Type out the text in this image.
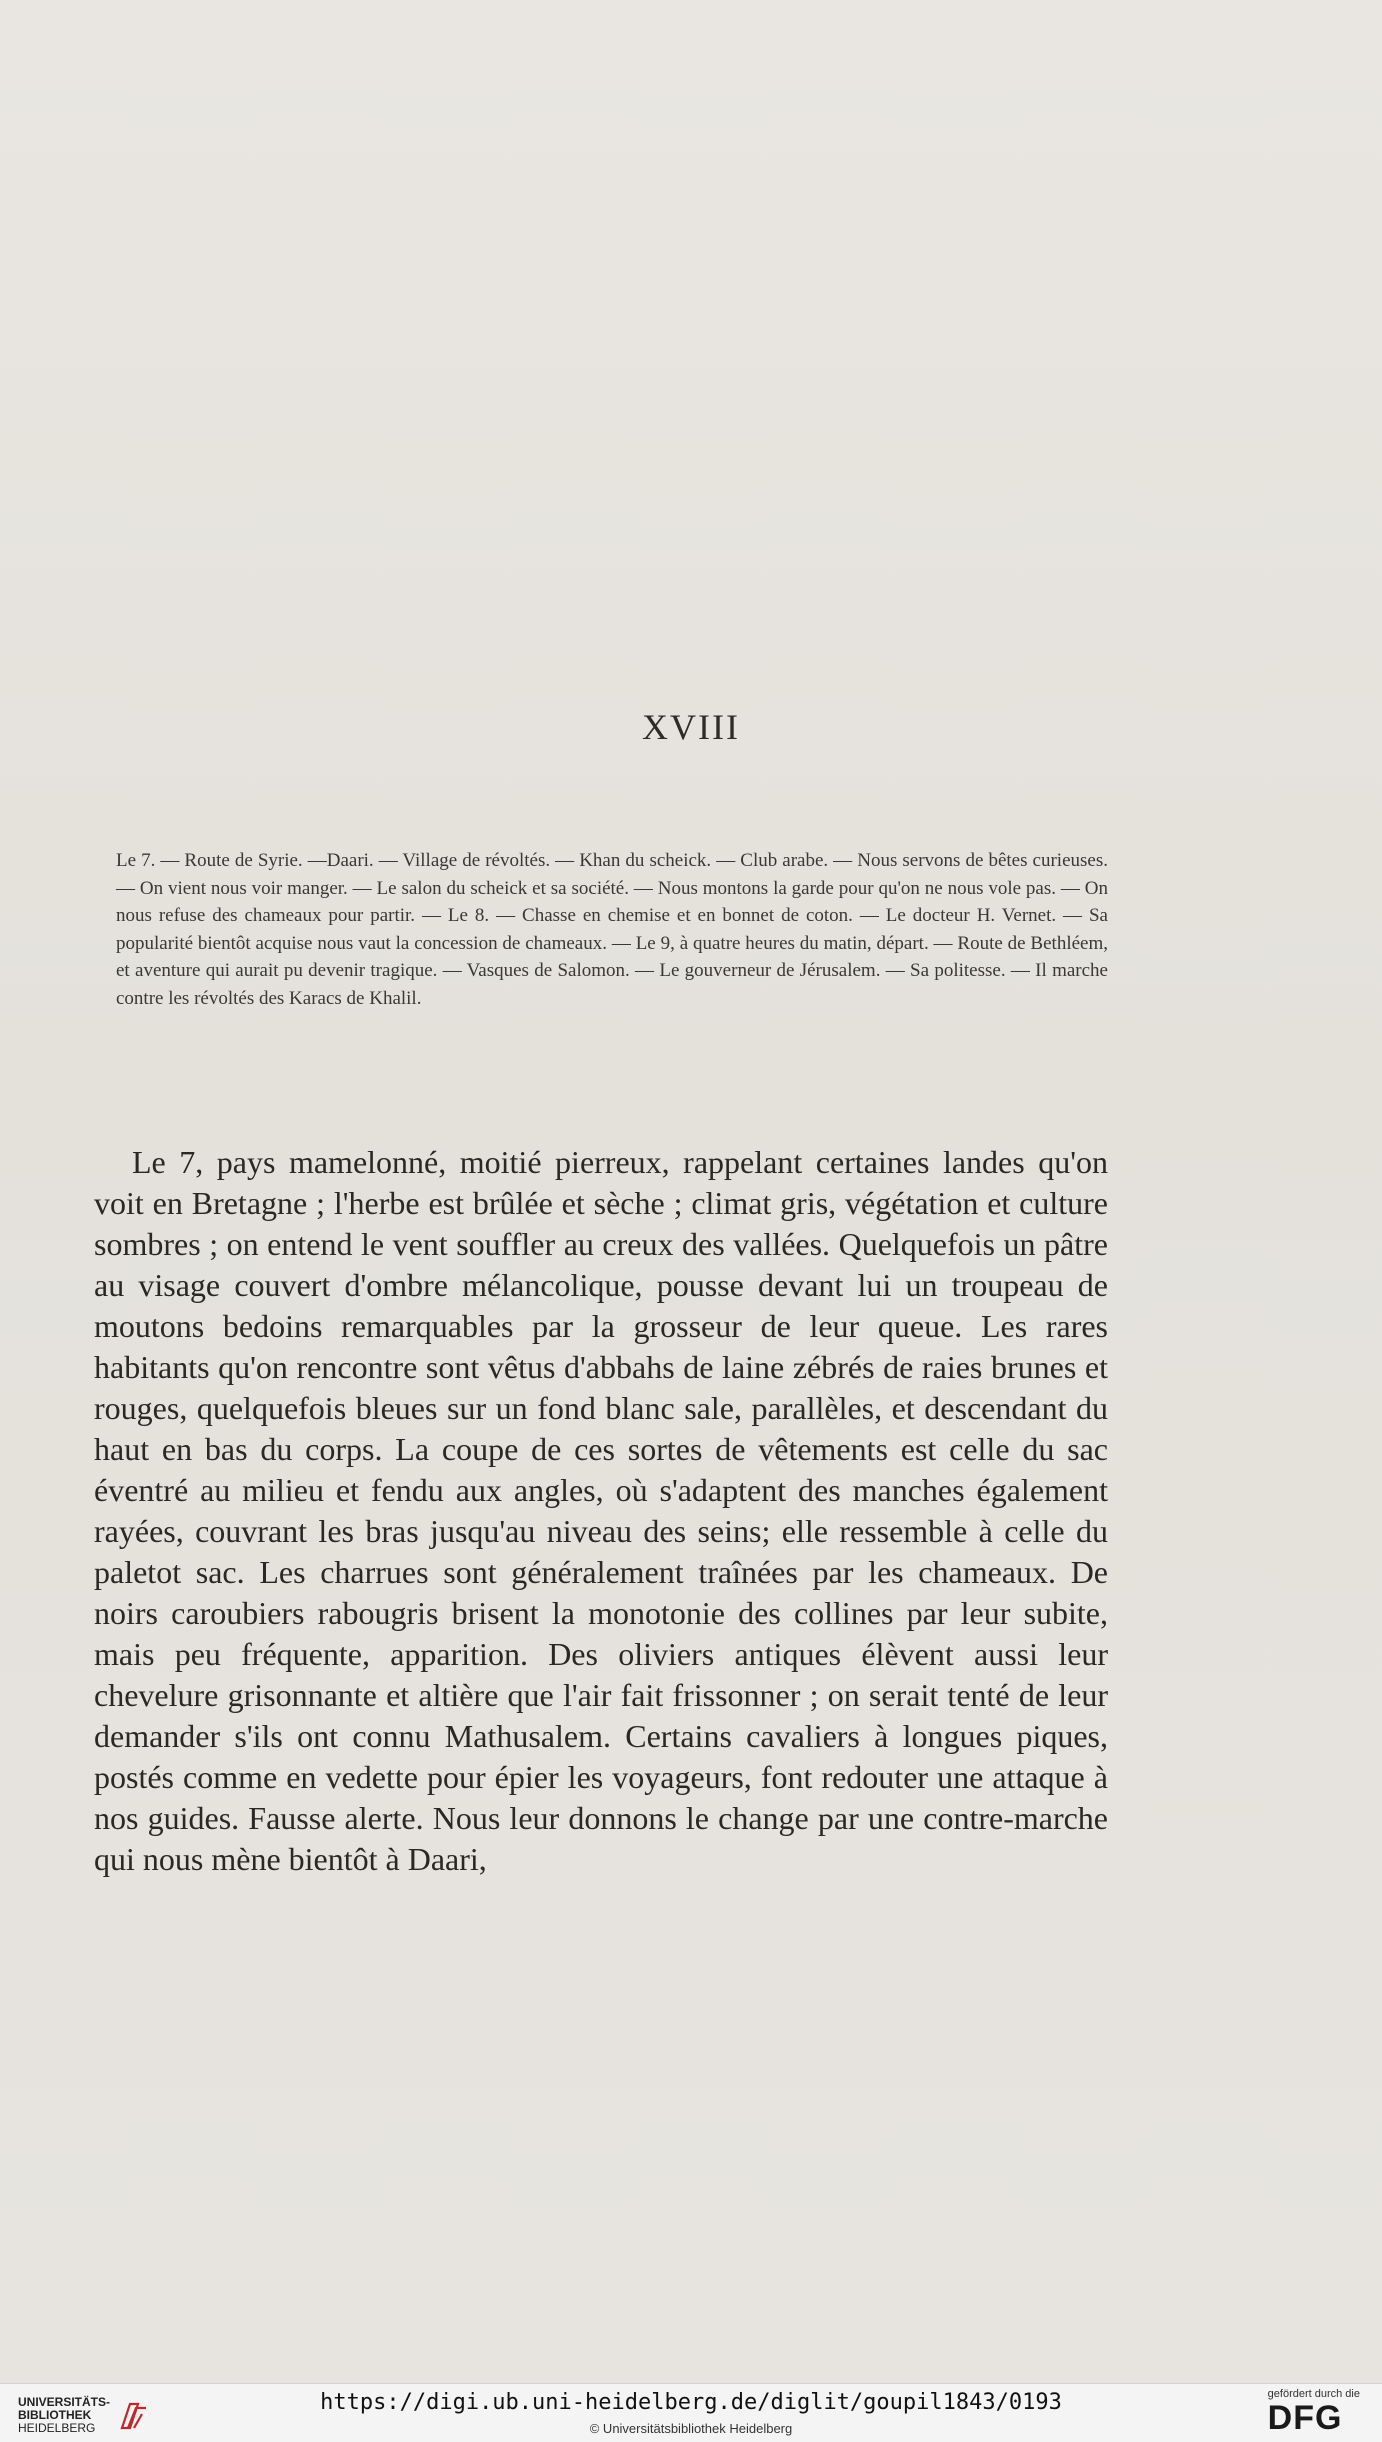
XVIII
Le 7. — Route de Syrie. —Daari. — Village de révoltés. — Khan du scheick. — Club arabe. — Nous servons de bêtes curieuses. — On vient nous voir manger. — Le salon du scheick et sa société. — Nous montons la garde pour qu'on ne nous vole pas. — On nous refuse des chameaux pour partir. — Le 8. — Chasse en chemise et en bonnet de coton. — Le docteur H. Vernet. — Sa popularité bientôt acquise nous vaut la concession de chameaux. — Le 9, à quatre heures du matin, départ. — Route de Bethléem, et aventure qui aurait pu devenir tragique. — Vasques de Salomon. — Le gouverneur de Jérusalem. — Sa politesse. — Il marche contre les révoltés des Karacs de Khalil.

Le 7, pays mamelonné, moitié pierreux, rappelant certaines landes qu'on voit en Bretagne ; l'herbe est brûlée et sèche ; climat gris, végétation et culture sombres ; on entend le vent souffler au creux des vallées. Quelquefois un pâtre au visage couvert d'ombre mélancolique, pousse devant lui un troupeau de moutons bedoins remarquables par la grosseur de leur queue. Les rares habitants qu'on rencontre sont vêtus d'abbahs de laine zébrés de raies brunes et rouges, quelquefois bleues sur un fond blanc sale, parallèles, et descendant du haut en bas du corps. La coupe de ces sortes de vêtements est celle du sac éventré au milieu et fendu aux angles, où s'adaptent des manches également rayées, couvrant les bras jusqu'au niveau des seins; elle ressemble à celle du paletot sac. Les charrues sont généralement traînées par les chameaux. De noirs caroubiers rabougris brisent la monotonie des collines par leur subite, mais peu fréquente, apparition. Des oliviers antiques élèvent aussi leur chevelure grisonnante et altière que l'air fait frissonner ; on serait tenté de leur demander s'ils ont connu Mathusalem. Certains cavaliers à longues piques, postés comme en vedette pour épier les voyageurs, font redouter une attaque à nos guides. Fausse alerte. Nous leur donnons le change par une contre-marche qui nous mène bientôt à Daari,

UNIVERSITÄTS-
BIBLIOTHEK
HEIDELBERG
https://digi.ub.uni-heidelberg.de/diglit/goupil1843/0193
© Universitätsbibliothek Heidelberg
gefördert durch die
DFG
